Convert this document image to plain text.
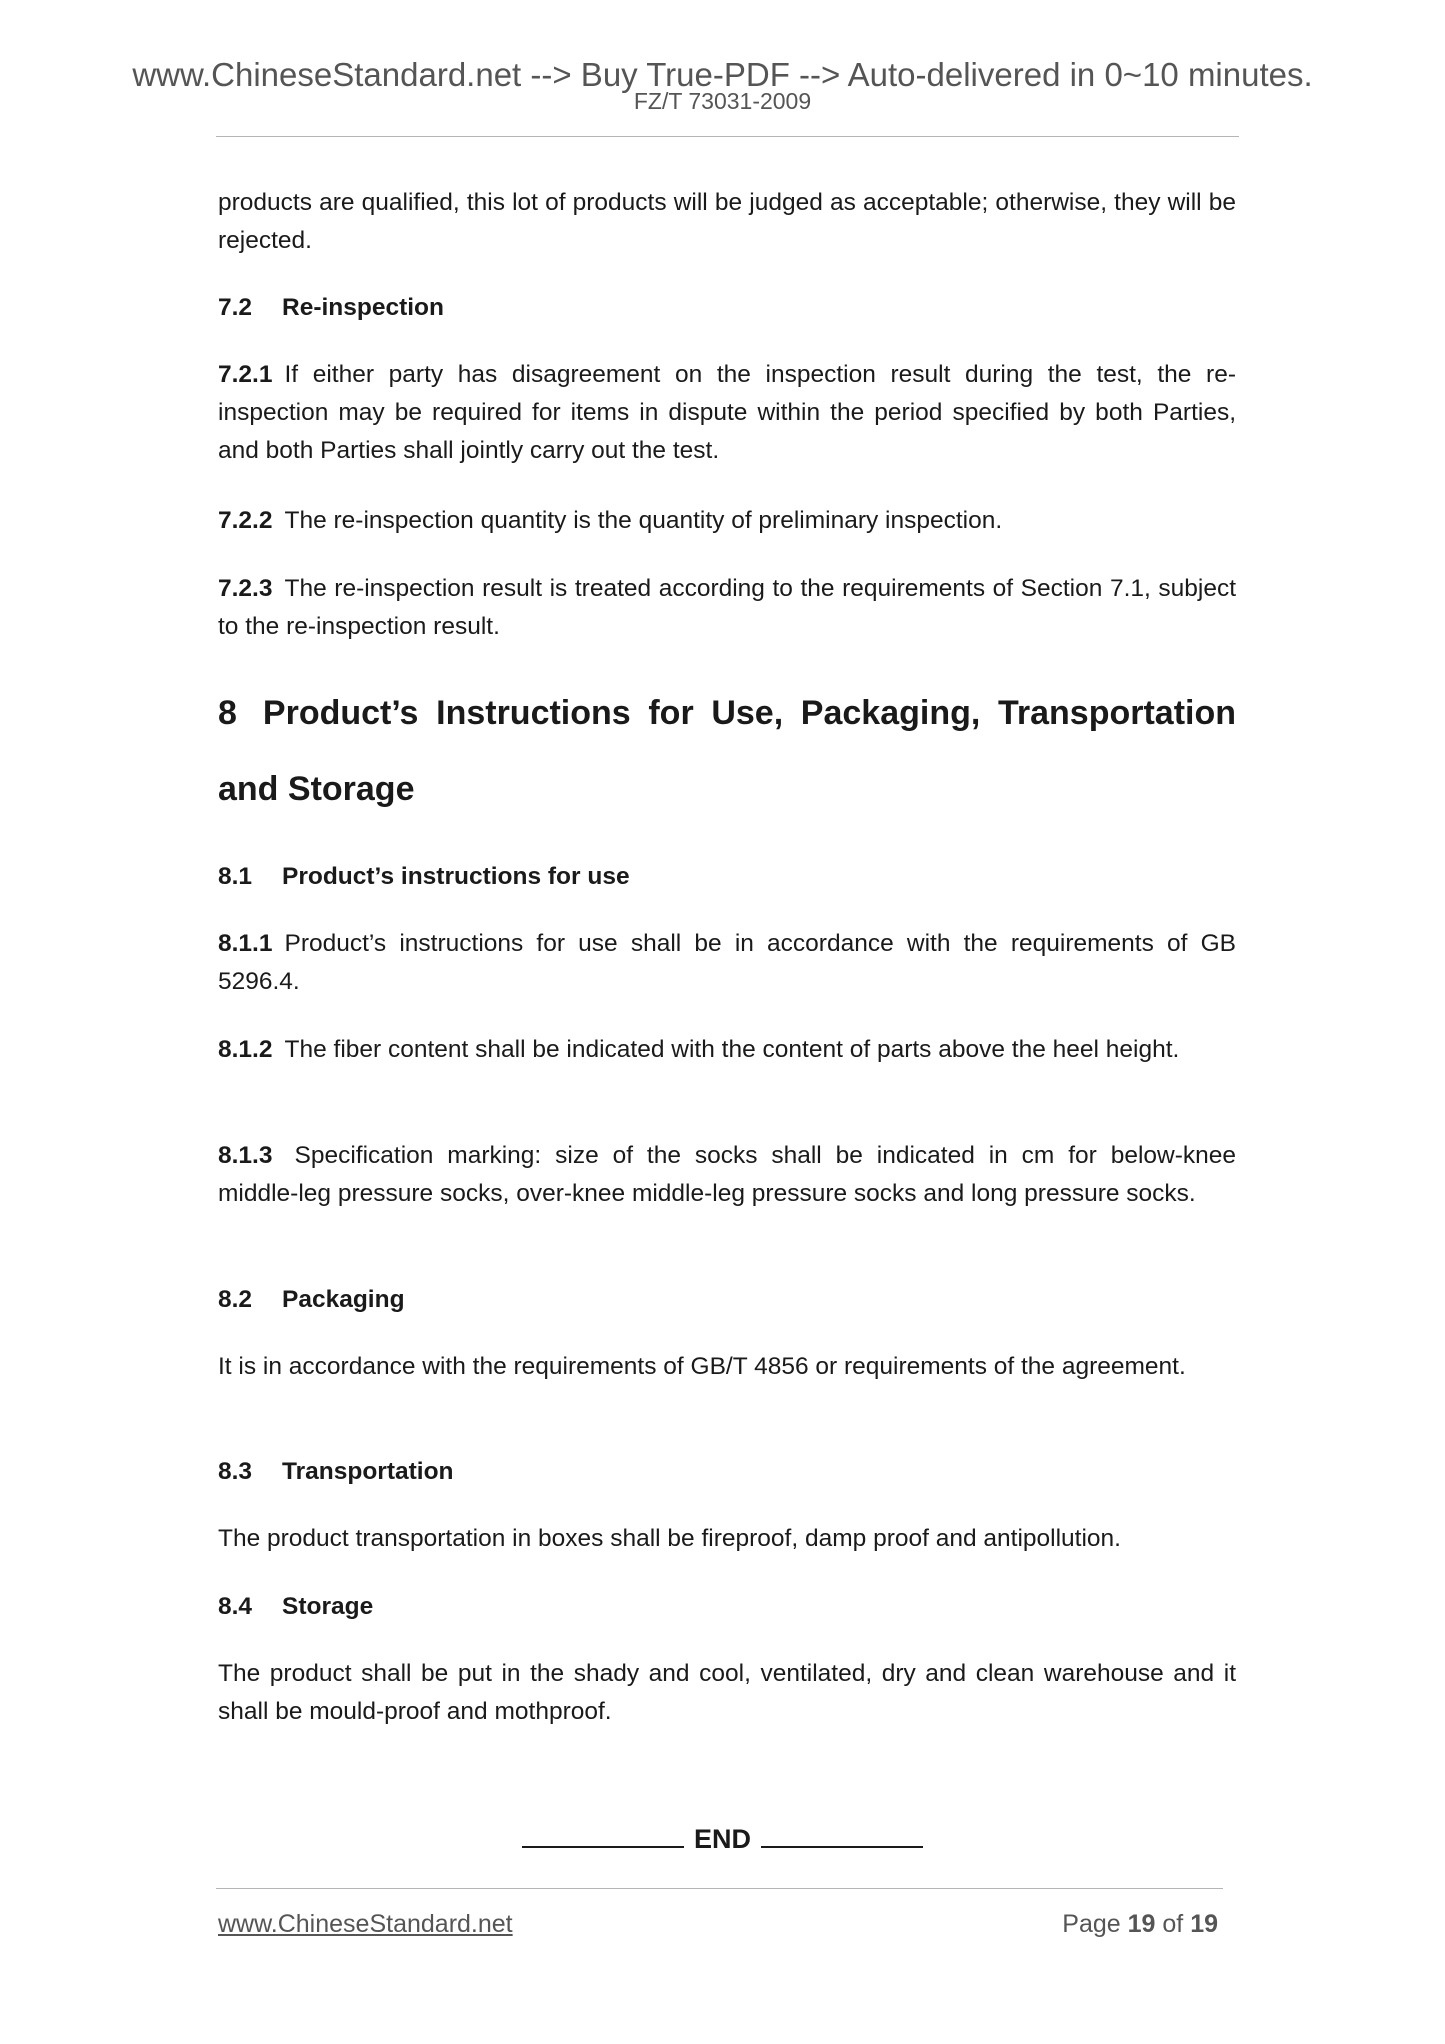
www.ChineseStandard.net --> Buy True-PDF --> Auto-delivered in 0~10 minutes.
FZ/T 73031-2009

products are qualified, this lot of products will be judged as acceptable; otherwise, they will be rejected.

7.2 Re-inspection

7.2.1 If either party has disagreement on the inspection result during the test, the re-inspection may be required for items in dispute within the period specified by both Parties, and both Parties shall jointly carry out the test.

7.2.2 The re-inspection quantity is the quantity of preliminary inspection.

7.2.3 The re-inspection result is treated according to the requirements of Section 7.1, subject to the re-inspection result.

8 Product’s Instructions for Use, Packaging, Transportation and Storage
8.1 Product’s instructions for use

8.1.1 Product’s instructions for use shall be in accordance with the requirements of GB 5296.4.

8.1.2 The fiber content shall be indicated with the content of parts above the heel height.

8.1.3 Specification marking: size of the socks shall be indicated in cm for below-knee middle-leg pressure socks, over-knee middle-leg pressure socks and long pressure socks.

8.2 Packaging

It is in accordance with the requirements of GB/T 4856 or requirements of the agreement.

8.3 Transportation

The product transportation in boxes shall be fireproof, damp proof and antipollution.

8.4 Storage

The product shall be put in the shady and cool, ventilated, dry and clean warehouse and it shall be mould-proof and mothproof.

END
www.ChineseStandard.net	Page 19 of 19
